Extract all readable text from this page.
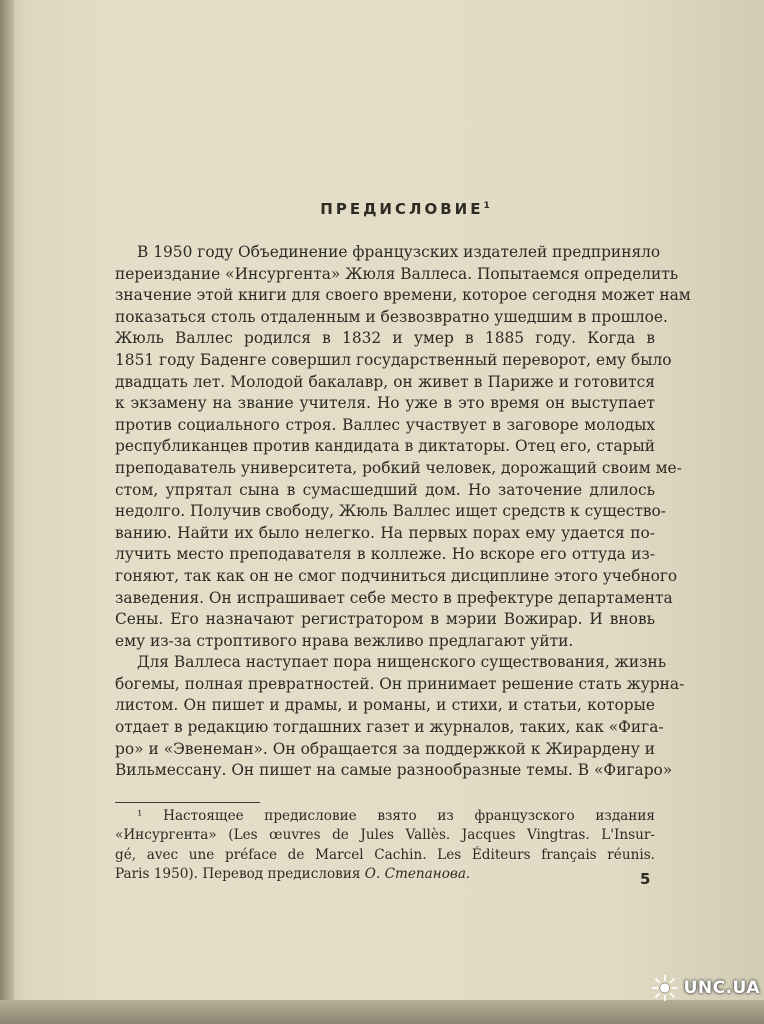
ПРЕДИСЛОВИЕ$^1$
В 1950 году Объединение французских издателей предприняло
переиздание «Инсургента» Жюля Валлеса. Попытаемся определить
значение этой книги для своего времени, которое сегодня может нам
показаться столь отдаленным и безвозвратно ушедшим в прошлое.
Жюль Валлес родился в 1832 и умер в 1885 году. Когда в
1851 году Баденге совершил государственный переворот, ему было
двадцать лет. Молодой бакалавр, он живет в Париже и готовится
к экзамену на звание учителя. Но уже в это время он выступает
против социального строя. Валлес участвует в заговоре молодых
республиканцев против кандидата в диктаторы. Отец его, старый
преподаватель университета, робкий человек, дорожащий своим ме-
стом, упрятал сына в сумасшедший дом. Но заточение длилось
недолго. Получив свободу, Жюль Валлес ищет средств к существо-
ванию. Найти их было нелегко. На первых порах ему удается по-
лучить место преподавателя в коллеже. Но вскоре его оттуда из-
гоняют, так как он не смог подчиниться дисциплине этого учебного
заведения. Он испрашивает себе место в префектуре департамента
Сены. Его назначают регистратором в мэрии Вожирар. И вновь
ему из-за строптивого нрава вежливо предлагают уйти.
Для Валлеса наступает пора нищенского существования, жизнь
богемы, полная превратностей. Он принимает решение стать журна-
листом. Он пишет и драмы, и романы, и стихи, и статьи, которые
отдает в редакцию тогдашних газет и журналов, таких, как «Фига-
ро» и «Эвенеман». Он обращается за поддержкой к Жирардену и
Вильмессану. Он пишет на самые разнообразные темы. В «Фигаро»
¹ Настоящее предисловие взято из французского издания
«Инсургента» (Les œuvres de Jules Vallès. Jacques Vingtras. L'Insur-
gé, avec une préface de Marcel Cachin. Les Éditeurs français réunis.
Paris 1950). Перевод предисловия О. Степанова.	5
UNC.UA
